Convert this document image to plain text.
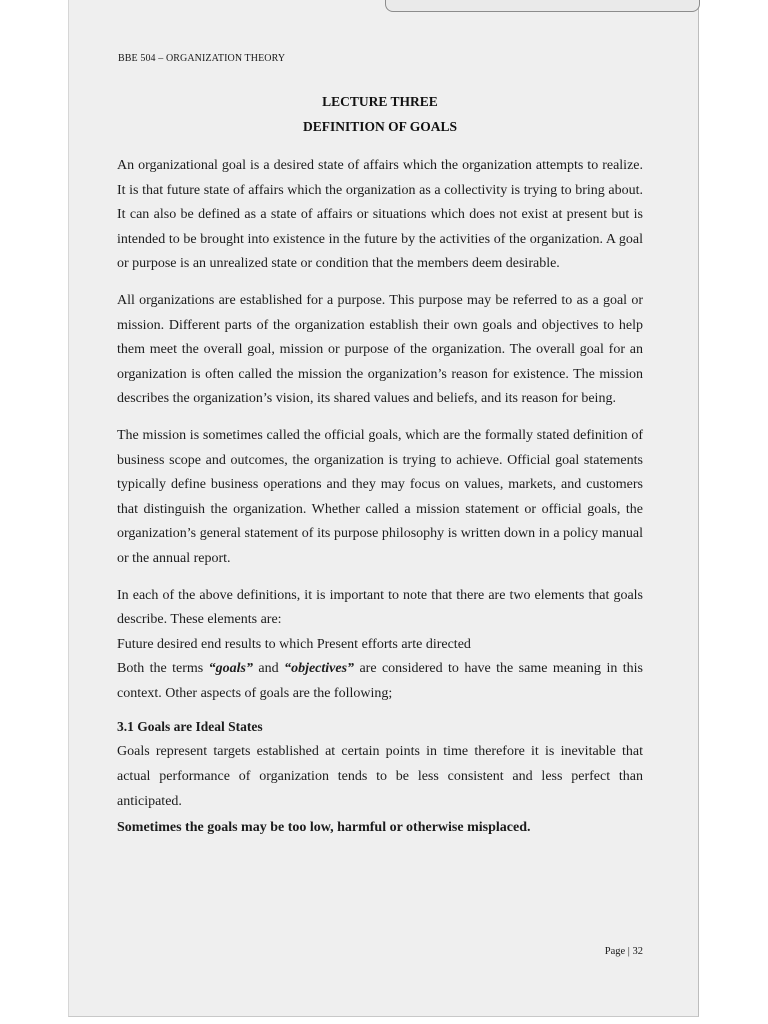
BBE 504 – ORGANIZATION THEORY
LECTURE THREE
DEFINITION OF GOALS

An organizational goal is a desired state of affairs which the organization attempts to realize. It is that future state of affairs which the organization as a collectivity is trying to bring about. It can also be defined as a state of affairs or situations which does not exist at present but is intended to be brought into existence in the future by the activities of the organization. A goal or purpose is an unrealized state or condition that the members deem desirable.

All organizations are established for a purpose. This purpose may be referred to as a goal or mission. Different parts of the organization establish their own goals and objectives to help them meet the overall goal, mission or purpose of the organization. The overall goal for an organization is often called the mission the organization’s reason for existence. The mission describes the organization’s vision, its shared values and beliefs, and its reason for being.

The mission is sometimes called the official goals, which are the formally stated definition of business scope and outcomes, the organization is trying to achieve. Official goal statements typically define business operations and they may focus on values, markets, and customers that distinguish the organization. Whether called a mission statement or official goals, the organization’s general statement of its purpose philosophy is written down in a policy manual or the annual report.

In each of the above definitions, it is important to note that there are two elements that goals describe. These elements are:

Future desired end results to which Present efforts arte directed

Both the terms “goals” and “objectives” are considered to have the same meaning in this context. Other aspects of goals are the following;

3.1 Goals are Ideal States

Goals represent targets established at certain points in time therefore it is inevitable that actual performance of organization tends to be less consistent and less perfect than anticipated.

Sometimes the goals may be too low, harmful or otherwise misplaced.

Page | 32
